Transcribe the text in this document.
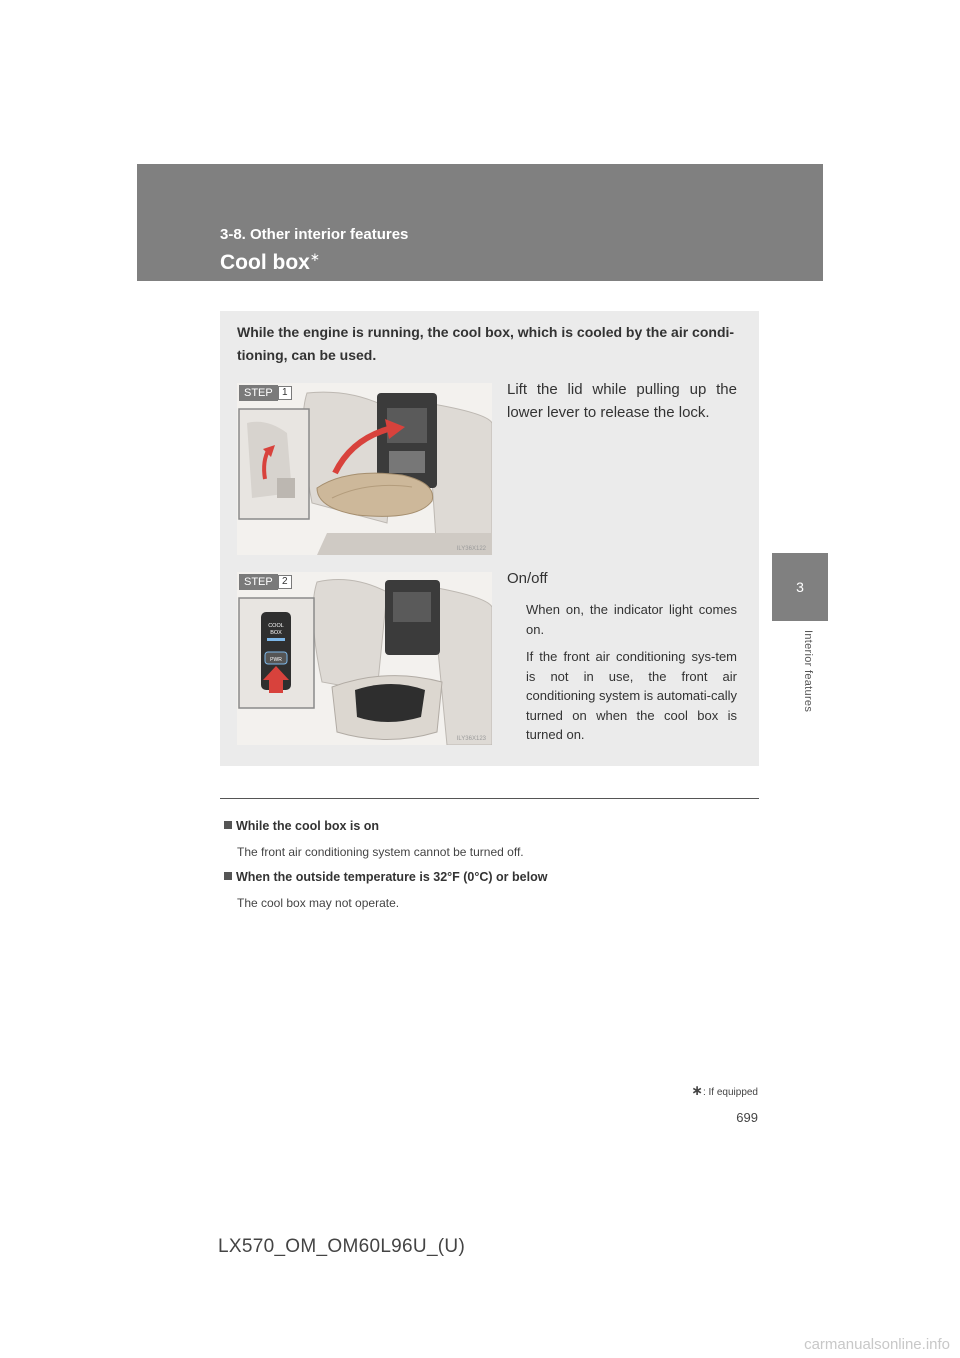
3-8. Other interior features
Cool box∗
3
Interior features
While the engine is running, the cool box, which is cooled by the air condi-tioning, can be used.
STEP 1
ILY36X122
Lift the lid while pulling up the lower lever to release the lock.
COOL
BOX
PWR
STEP 2
ILY36X123
On/off
When on, the indicator light comes on.
If the front air conditioning sys-tem is not in use, the front air conditioning system is automati-cally turned on when the cool box is turned on.
While the cool box is on
The front air conditioning system cannot be turned off.
When the outside temperature is 32°F (0°C) or below
The cool box may not operate.
∗: If equipped
699
LX570_OM_OM60L96U_(U)
carmanualsonline.info
